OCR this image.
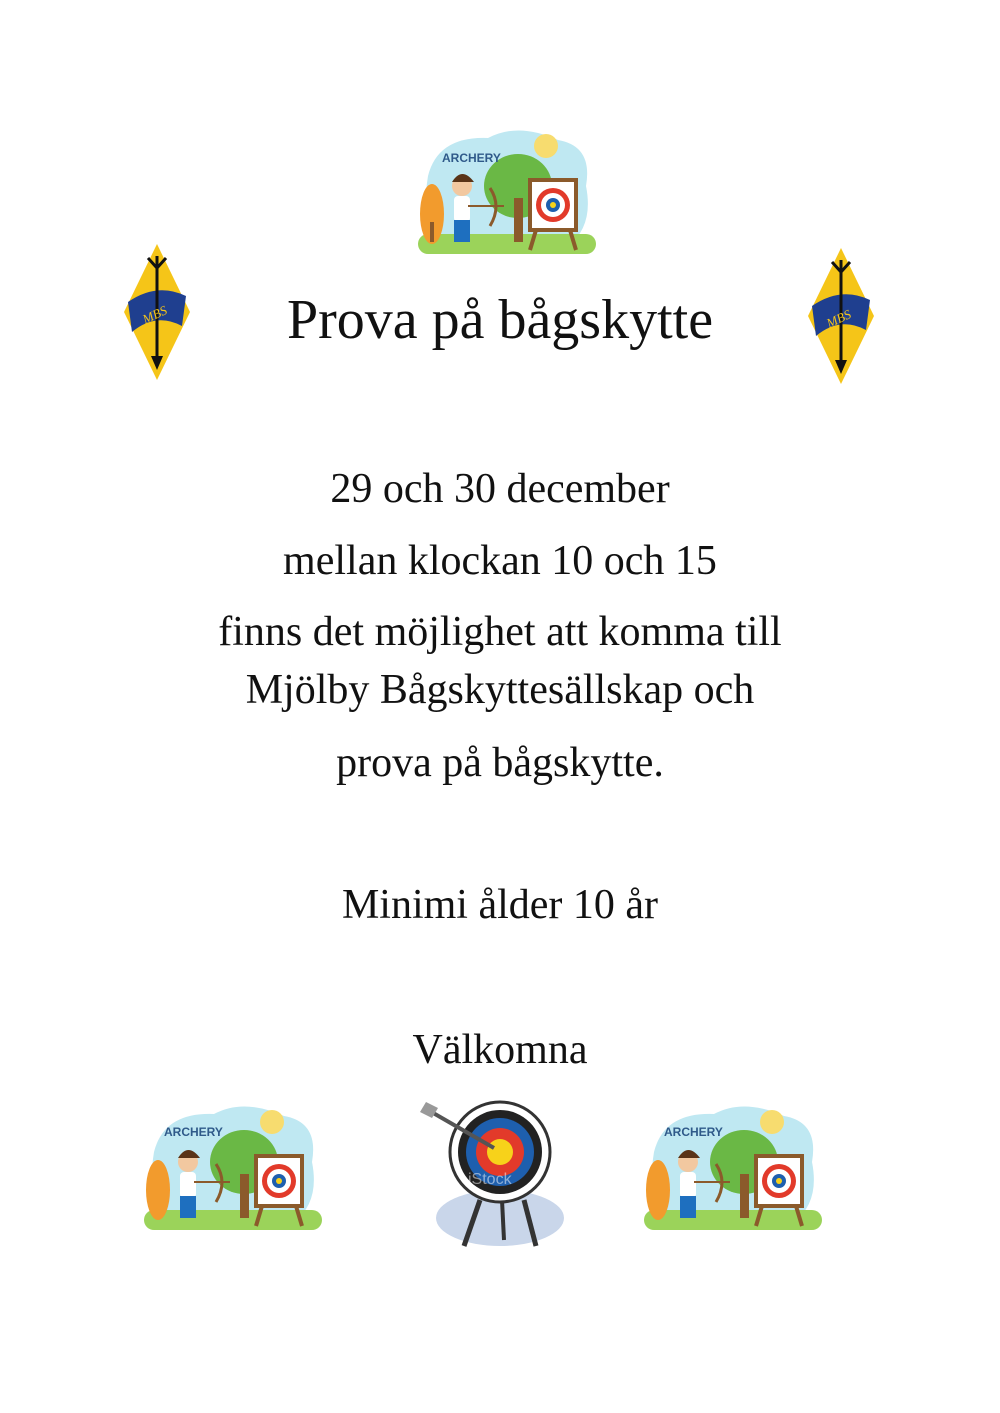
ARCHERY
MBS	MBS
Prova på bågskytte
29 och 30 december
mellan klockan 10 och 15
finns det möjlighet att komma till
Mjölby Bågskyttesällskap och
prova på bågskytte.
Minimi ålder 10 år
Välkomna
ARCHERY
iStock
ARCHERY
